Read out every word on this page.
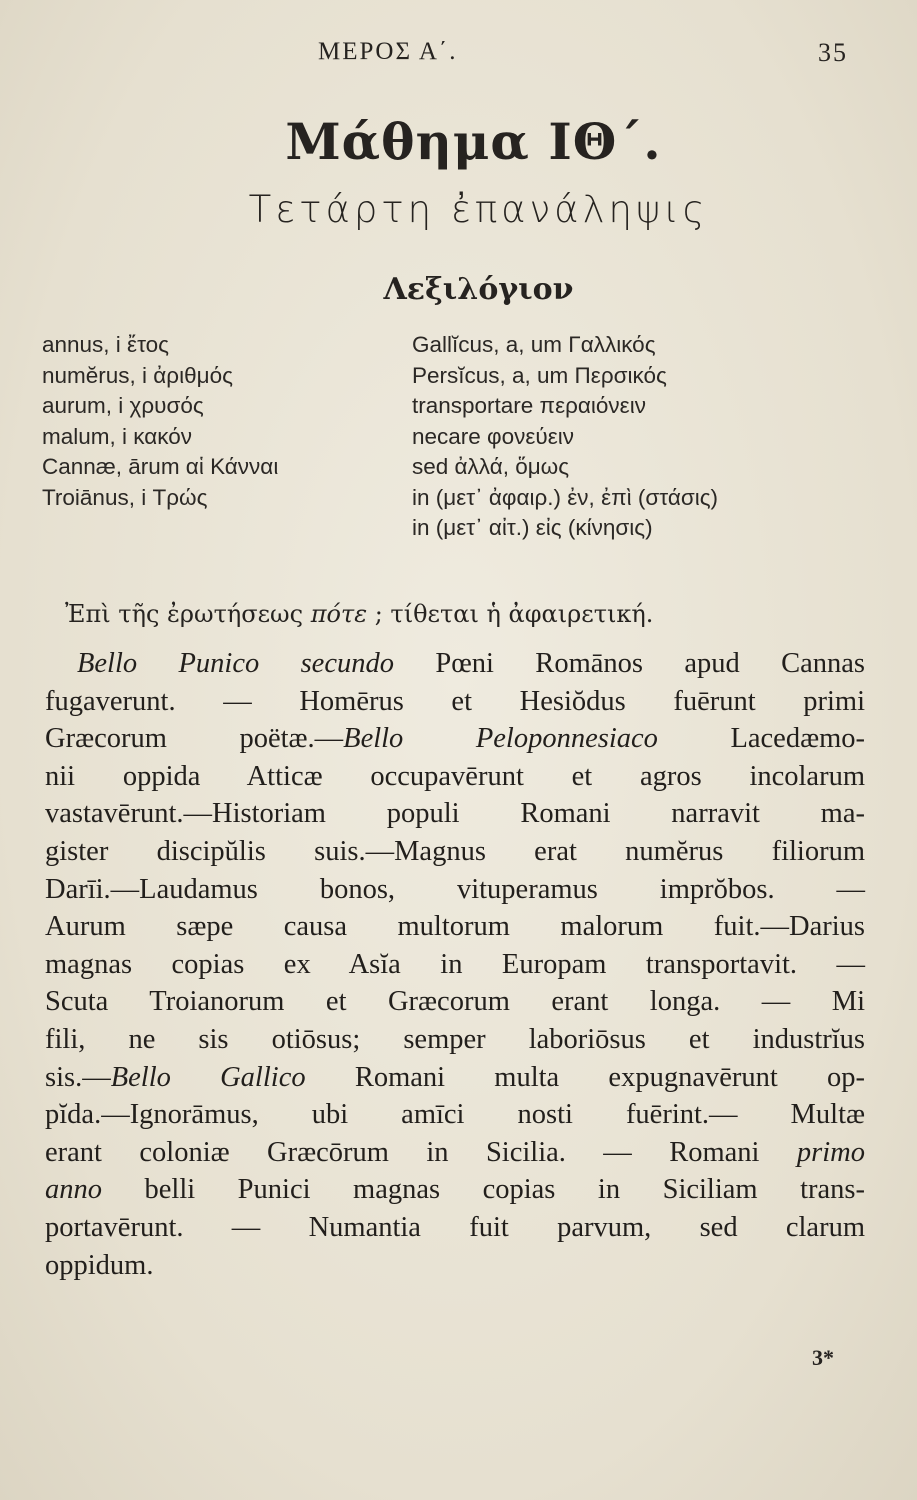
ΜΕΡΟΣ Α΄.	35
Μάθημα ΙΘ΄.
Τετάρτη ἐπανάληψις
Λεξιλόγιον
annus, i ἔτος
numĕrus, i ἀριθμός
aurum, i χρυσός
malum, i κακόν
Cannæ, ārum αἱ Κάνναι
Troiānus, i Τρώς
Gallĭcus, a, um Γαλλικός
Persĭcus, a, um Περσικός
transportare περαιόνειν
necare φονεύειν
sed ἀλλά, ὅμως
in (μετ᾽ ἀφαιρ.) ἐν, ἐπὶ (στάσις)
in (μετ᾽ αἰτ.) εἰς (κίνησις)
Ἐπὶ τῆς ἐρωτήσεως πότε ; τίθεται ἡ ἀφαιρετική.
Bello Punico secundo Pœni Romānos apud Cannas
fugaverunt. — Homērus et Hesiŏdus fuērunt primi
Græcorum poëtæ.—Bello Peloponnesiaco Lacedæmo-
nii oppida Atticæ occupavērunt et agros incolarum
vastavērunt.—Historiam populi Romani narravit ma-
gister discipŭlis suis.—Magnus erat numĕrus filiorum
Darīi.—Laudamus bonos, vituperamus imprŏbos. —
Aurum sæpe causa multorum malorum fuit.—Darius
magnas copias ex Asĭa in Europam transportavit. —
Scuta Troianorum et Græcorum erant longa. — Mi
fili, ne sis otiōsus; semper laboriōsus et industrĭus
sis.—Bello Gallico Romani multa expugnavērunt op-
pĭda.—Ignorāmus, ubi amīci nosti fuērint.— Multæ
erant coloniæ Græcōrum in Sicilia. — Romani primo
anno belli Punici magnas copias in Siciliam trans-
portavērunt. — Numantia fuit parvum, sed clarum
oppidum.
3*
